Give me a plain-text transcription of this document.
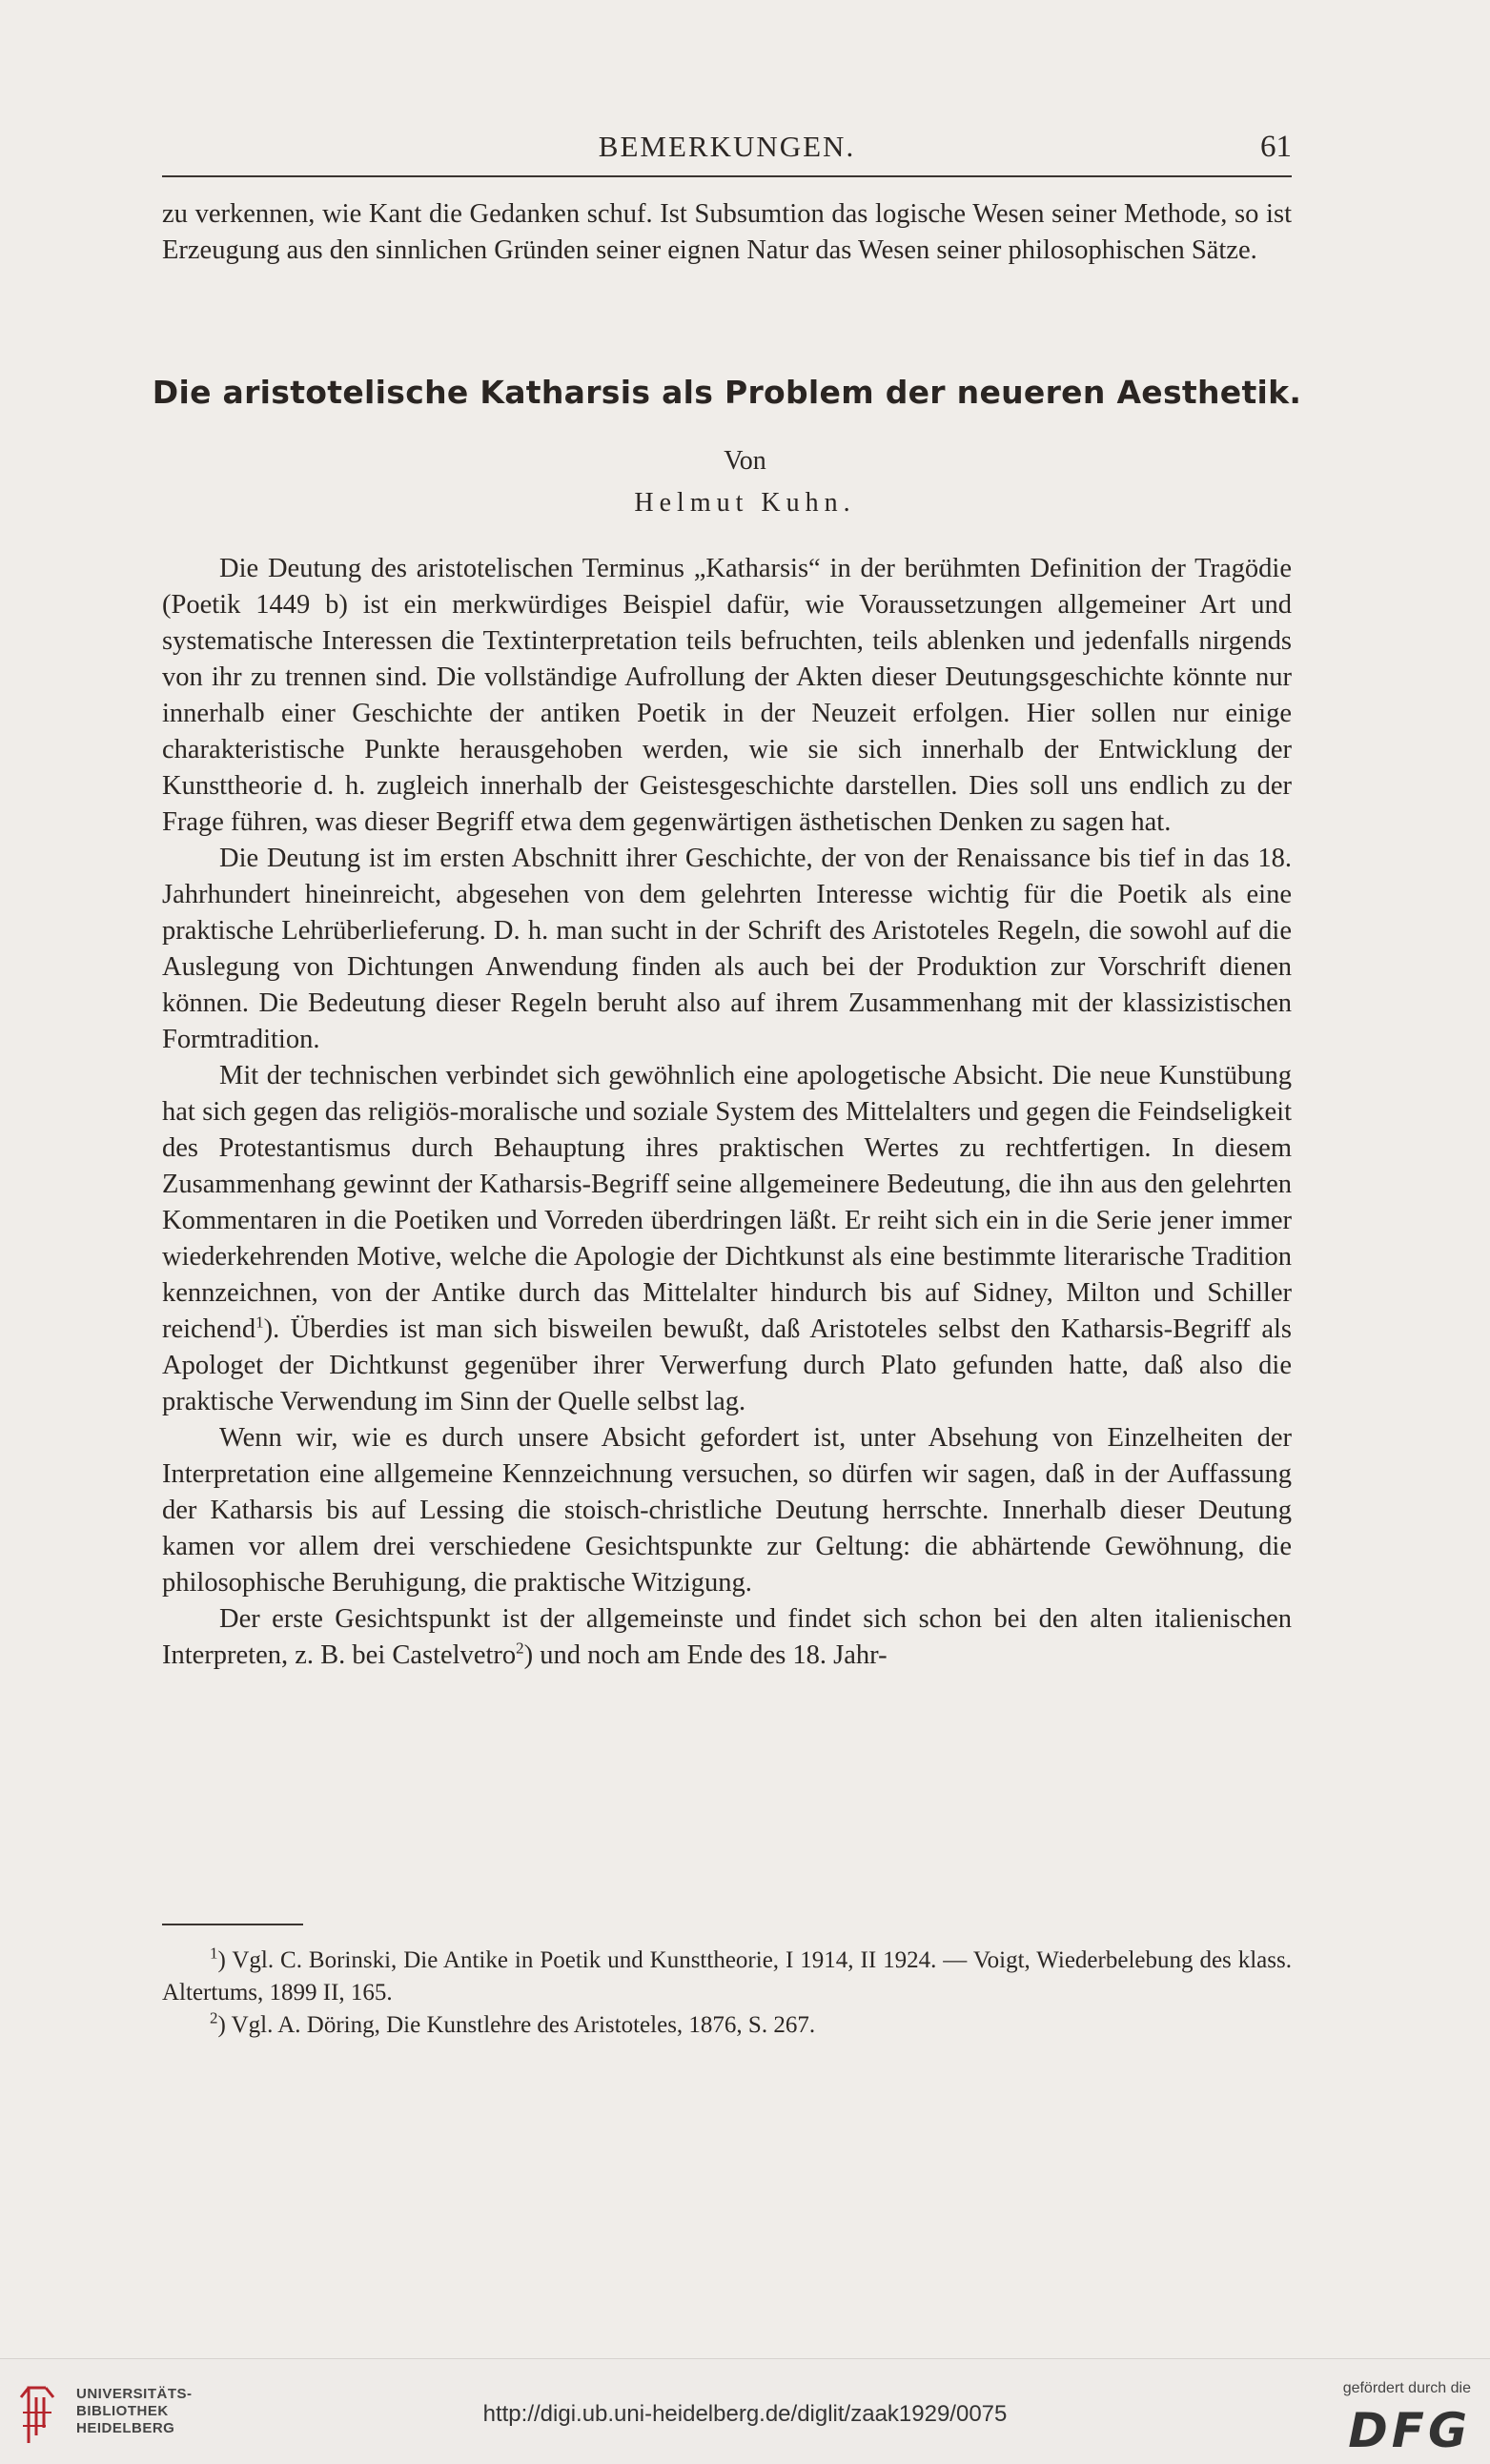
BEMERKUNGEN.	61

zu verkennen, wie Kant die Gedanken schuf. Ist Subsumtion das logische Wesen seiner Methode, so ist Erzeugung aus den sinnlichen Gründen seiner eignen Natur das Wesen seiner philosophischen Sätze.

Die aristotelische Katharsis als Problem der neueren Aesthetik.
Von
Helmut Kuhn.

Die Deutung des aristotelischen Terminus „Katharsis“ in der berühmten Definition der Tragödie (Poetik 1449 b) ist ein merkwürdiges Beispiel dafür, wie Voraussetzungen allgemeiner Art und systematische Interessen die Textinterpretation teils befruchten, teils ablenken und jedenfalls nirgends von ihr zu trennen sind. Die vollständige Aufrollung der Akten dieser Deutungsgeschichte könnte nur innerhalb einer Geschichte der antiken Poetik in der Neuzeit erfolgen. Hier sollen nur einige charakteristische Punkte herausgehoben werden, wie sie sich innerhalb der Entwicklung der Kunsttheorie d. h. zugleich innerhalb der Geistesgeschichte darstellen. Dies soll uns endlich zu der Frage führen, was dieser Begriff etwa dem gegenwärtigen ästhetischen Denken zu sagen hat.

Die Deutung ist im ersten Abschnitt ihrer Geschichte, der von der Renaissance bis tief in das 18. Jahrhundert hineinreicht, abgesehen von dem gelehrten Interesse wichtig für die Poetik als eine praktische Lehrüberlieferung. D. h. man sucht in der Schrift des Aristoteles Regeln, die sowohl auf die Auslegung von Dichtungen Anwendung finden als auch bei der Produktion zur Vorschrift dienen können. Die Bedeutung dieser Regeln beruht also auf ihrem Zusammenhang mit der klassizistischen Formtradition.

Mit der technischen verbindet sich gewöhnlich eine apologetische Absicht. Die neue Kunstübung hat sich gegen das religiös-moralische und soziale System des Mittelalters und gegen die Feindseligkeit des Protestantismus durch Behauptung ihres praktischen Wertes zu rechtfertigen. In diesem Zusammenhang gewinnt der Katharsis-Begriff seine allgemeinere Bedeutung, die ihn aus den gelehrten Kommentaren in die Poetiken und Vorreden überdringen läßt. Er reiht sich ein in die Serie jener immer wiederkehrenden Motive, welche die Apologie der Dichtkunst als eine bestimmte literarische Tradition kennzeichnen, von der Antike durch das Mittelalter hindurch bis auf Sidney, Milton und Schiller reichend$^1$). Überdies ist man sich bisweilen bewußt, daß Aristoteles selbst den Katharsis-Begriff als Apologet der Dichtkunst gegenüber ihrer Verwerfung durch Plato gefunden hatte, daß also die praktische Verwendung im Sinn der Quelle selbst lag.

Wenn wir, wie es durch unsere Absicht gefordert ist, unter Absehung von Einzelheiten der Interpretation eine allgemeine Kennzeichnung versuchen, so dürfen wir sagen, daß in der Auffassung der Katharsis bis auf Lessing die stoisch-christliche Deutung herrschte. Innerhalb dieser Deutung kamen vor allem drei verschiedene Gesichtspunkte zur Geltung: die abhärtende Gewöhnung, die philosophische Beruhigung, die praktische Witzigung.

Der erste Gesichtspunkt ist der allgemeinste und findet sich schon bei den alten italienischen Interpreten, z. B. bei Castelvetro$^2$) und noch am Ende des 18. Jahr-

$^1$) Vgl. C. Borinski, Die Antike in Poetik und Kunsttheorie, I 1914, II 1924. — Voigt, Wiederbelebung des klass. Altertums, 1899 II, 165.

$^2$) Vgl. A. Döring, Die Kunstlehre des Aristoteles, 1876, S. 267.

UNIVERSITÄTS-
BIBLIOTHEK
HEIDELBERG
http://digi.ub.uni-heidelberg.de/diglit/zaak1929/0075
gefördert durch die
DFG
